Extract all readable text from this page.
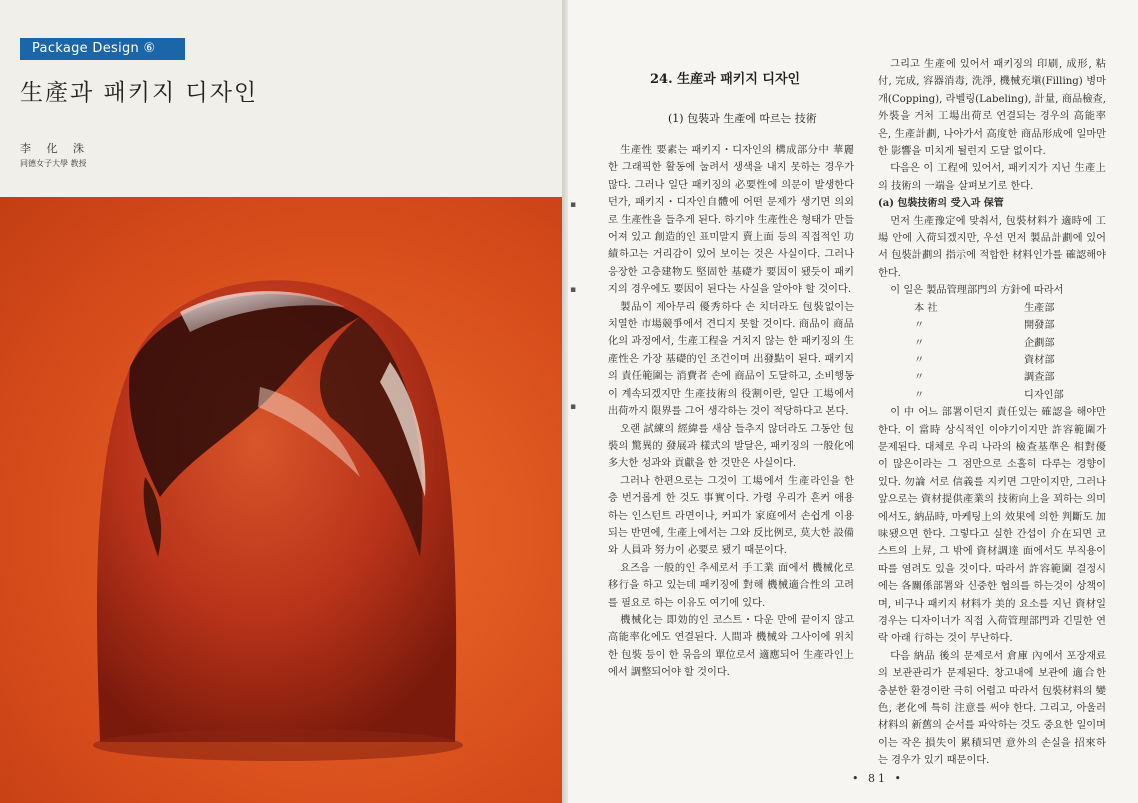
Package Design ⑥
生產과 패키지 디자인
李 化 洙
同德女子大學 教授
▪
▪
▪
24. 生産과 패키지 디자인
(1) 包裝과 生產에 따르는 技術

生產性 要素는 패키지・디자인의 構成部分中 華麗한 그래픽한 활동에 눌려서 생색을 내지 못하는 경우가 많다. 그러나 일단 패키징의 必要性에 의문이 발생한다던가, 패키지・디자인自體에 어떤 문제가 생기면 의외로 生產性을 들추게 된다. 하기야 生產性은 형태가 만들어져 있고 創造的인 표미말지 賣上面 등의 직접적인 功績하고는 거리감이 있어 보이는 것은 사실이다. 그러나 응장한 고층建物도 堅固한 基礎가 要因이 됐듯이 패키지의 경우에도 要因이 된다는 사실을 알아야 할 것이다.

製品이 제아무리 優秀하다 손 치더라도 包裝없이는 치열한 市場競爭에서 견디지 못할 것이다. 商品이 商品化의 과정에서, 生產工程을 거치지 않는 한 패키징의 生產性은 가장 基礎的인 조건이며 出發點이 된다. 패키지의 責任範圍는 消費者 손에 商品이 도달하고, 소비행동이 계속되겠지만 生產技術의 役割이란, 일단 工場에서 出荷까지 限界를 그어 생각하는 것이 적당하다고 본다.

오랜 試練의 經緯를 새삼 들추지 않더라도 그동안 包裝의 驚異的 發展과 樣式의 발달은, 패키징의 一般化에 多大한 성과와 貢獻을 한 것만은 사실이다.

그러나 한편으로는 그것이 工場에서 生產라인을 한층 번거롭게 한 것도 事實이다. 가령 우리가 흔커 애용하는 인스턴트 라면이나, 커피가 家庭에서 손쉽게 이용되는 반면에, 生產上에서는 그와 反比例로, 莫大한 設備와 人員과 努力이 必要로 됐기 때문이다.

요즈음 一般的인 추세로서 手工業 面에서 機械化로 移行을 하고 있는데 패키징에 對해 機械適合性의 고려를 필요로 하는 이유도 여기에 있다.

機械化는 即効的인 코스트・다운 만에 끝이지 않고 高能率化에도 연결된다. 人間과 機械와 그사이에 위치한 包裝 등이 한 묶음의 單位로서 適應되어 生產라인上에서 調整되어야 할 것이다.

그리고 生產에 있어서 패키징의 印刷, 成形, 粘付, 完成, 容器消毒, 洗淨, 機械充塡(Filling) 병마개(Copping), 라벨링(Labeling), 計量, 商品檢查, 外裝을 거처 工場出荷로 연결되는 경우의 高能率은, 生產計劃, 나아가서 高度한 商品形成에 일마만한 影響을 미치게 될런지 도달 없이다.

다음은 이 工程에 있어서, 패키지가 지닌 生產上의 技術의 一端을 살펴보기로 한다.

(a) 包裝技術의 受入과 保管

먼저 生產豫定에 맞춰서, 包裝材料가 適時에 工場 안에 入荷되겠지만, 우선 먼저 製品計劃에 있어서 包裝計劃의 指示에 적합한 材料인가를 確認해야 한다.

이 일은 製品管理部門의 方針에 따라서

本 社	生產部
〃	開發部
〃	企劃部
〃	資材部
〃	調查部
〃	디자인部

이 中 어느 部署이던지 責任있는 確認을 해야만 한다. 이 當時 상식적인 이야기이지만 許容範圍가 문제된다. 대체로 우리 나라의 檢查基準은 相對優이 많은이라는 그 점만으로 소홀히 다루는 경향이 있다. 勿論 서로 信義를 지키면 그만이지만, 그러나 앞으로는 資材提供產業의 技術向上을 꾀하는 의미에서도, 納品時, 마케팅上의 效果에 의한 判斷도 加味됐으면 한다. 그렇다고 실한 간섭이 介在되면 코스트의 上昇, 그 밖에 資材調達 面에서도 부직용이 따를 염려도 있을 것이다. 따라서 許容範圍 결정시에는 各關係部署와 신중한 협의를 하는것이 상책이며, 비구나 패키지 材料가 美的 요소를 지닌 資材일 경우는 디자이너가 직접 入荷管理部門과 긴밀한 연락 아래 行하는 것이 무난하다.

다음 納品 後의 문제로서 倉庫 內에서 포장재료의 보관관리가 문제된다. 창고내에 보관에 適合한 충분한 환경이란 극히 어렵고 따라서 包裝材料의 變色, 老化에 특히 注意를 써야 한다. 그리고, 아울러 材料의 新舊의 순서를 파악하는 것도 중요한 일이며 이는 작은 損失이 累積되면 意外의 손실을 招來하는 경우가 있기 때문이다.

• 81 •
